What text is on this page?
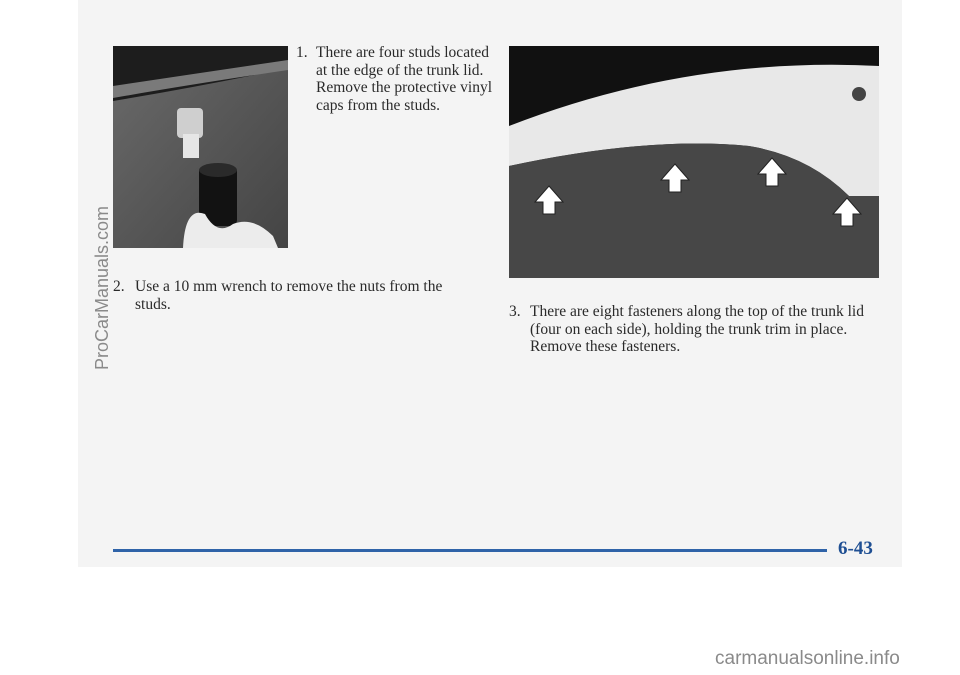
1. There are four studs located at the edge of the trunk lid. Remove the protective vinyl caps from the studs.
2. Use a 10 mm wrench to remove the nuts from the studs.	3. There are eight fasteners along the top of the trunk lid (four on each side), holding the trunk trim in place. Remove these fasteners.
6-43
ProCarManuals.com
carmanualsonline.info
